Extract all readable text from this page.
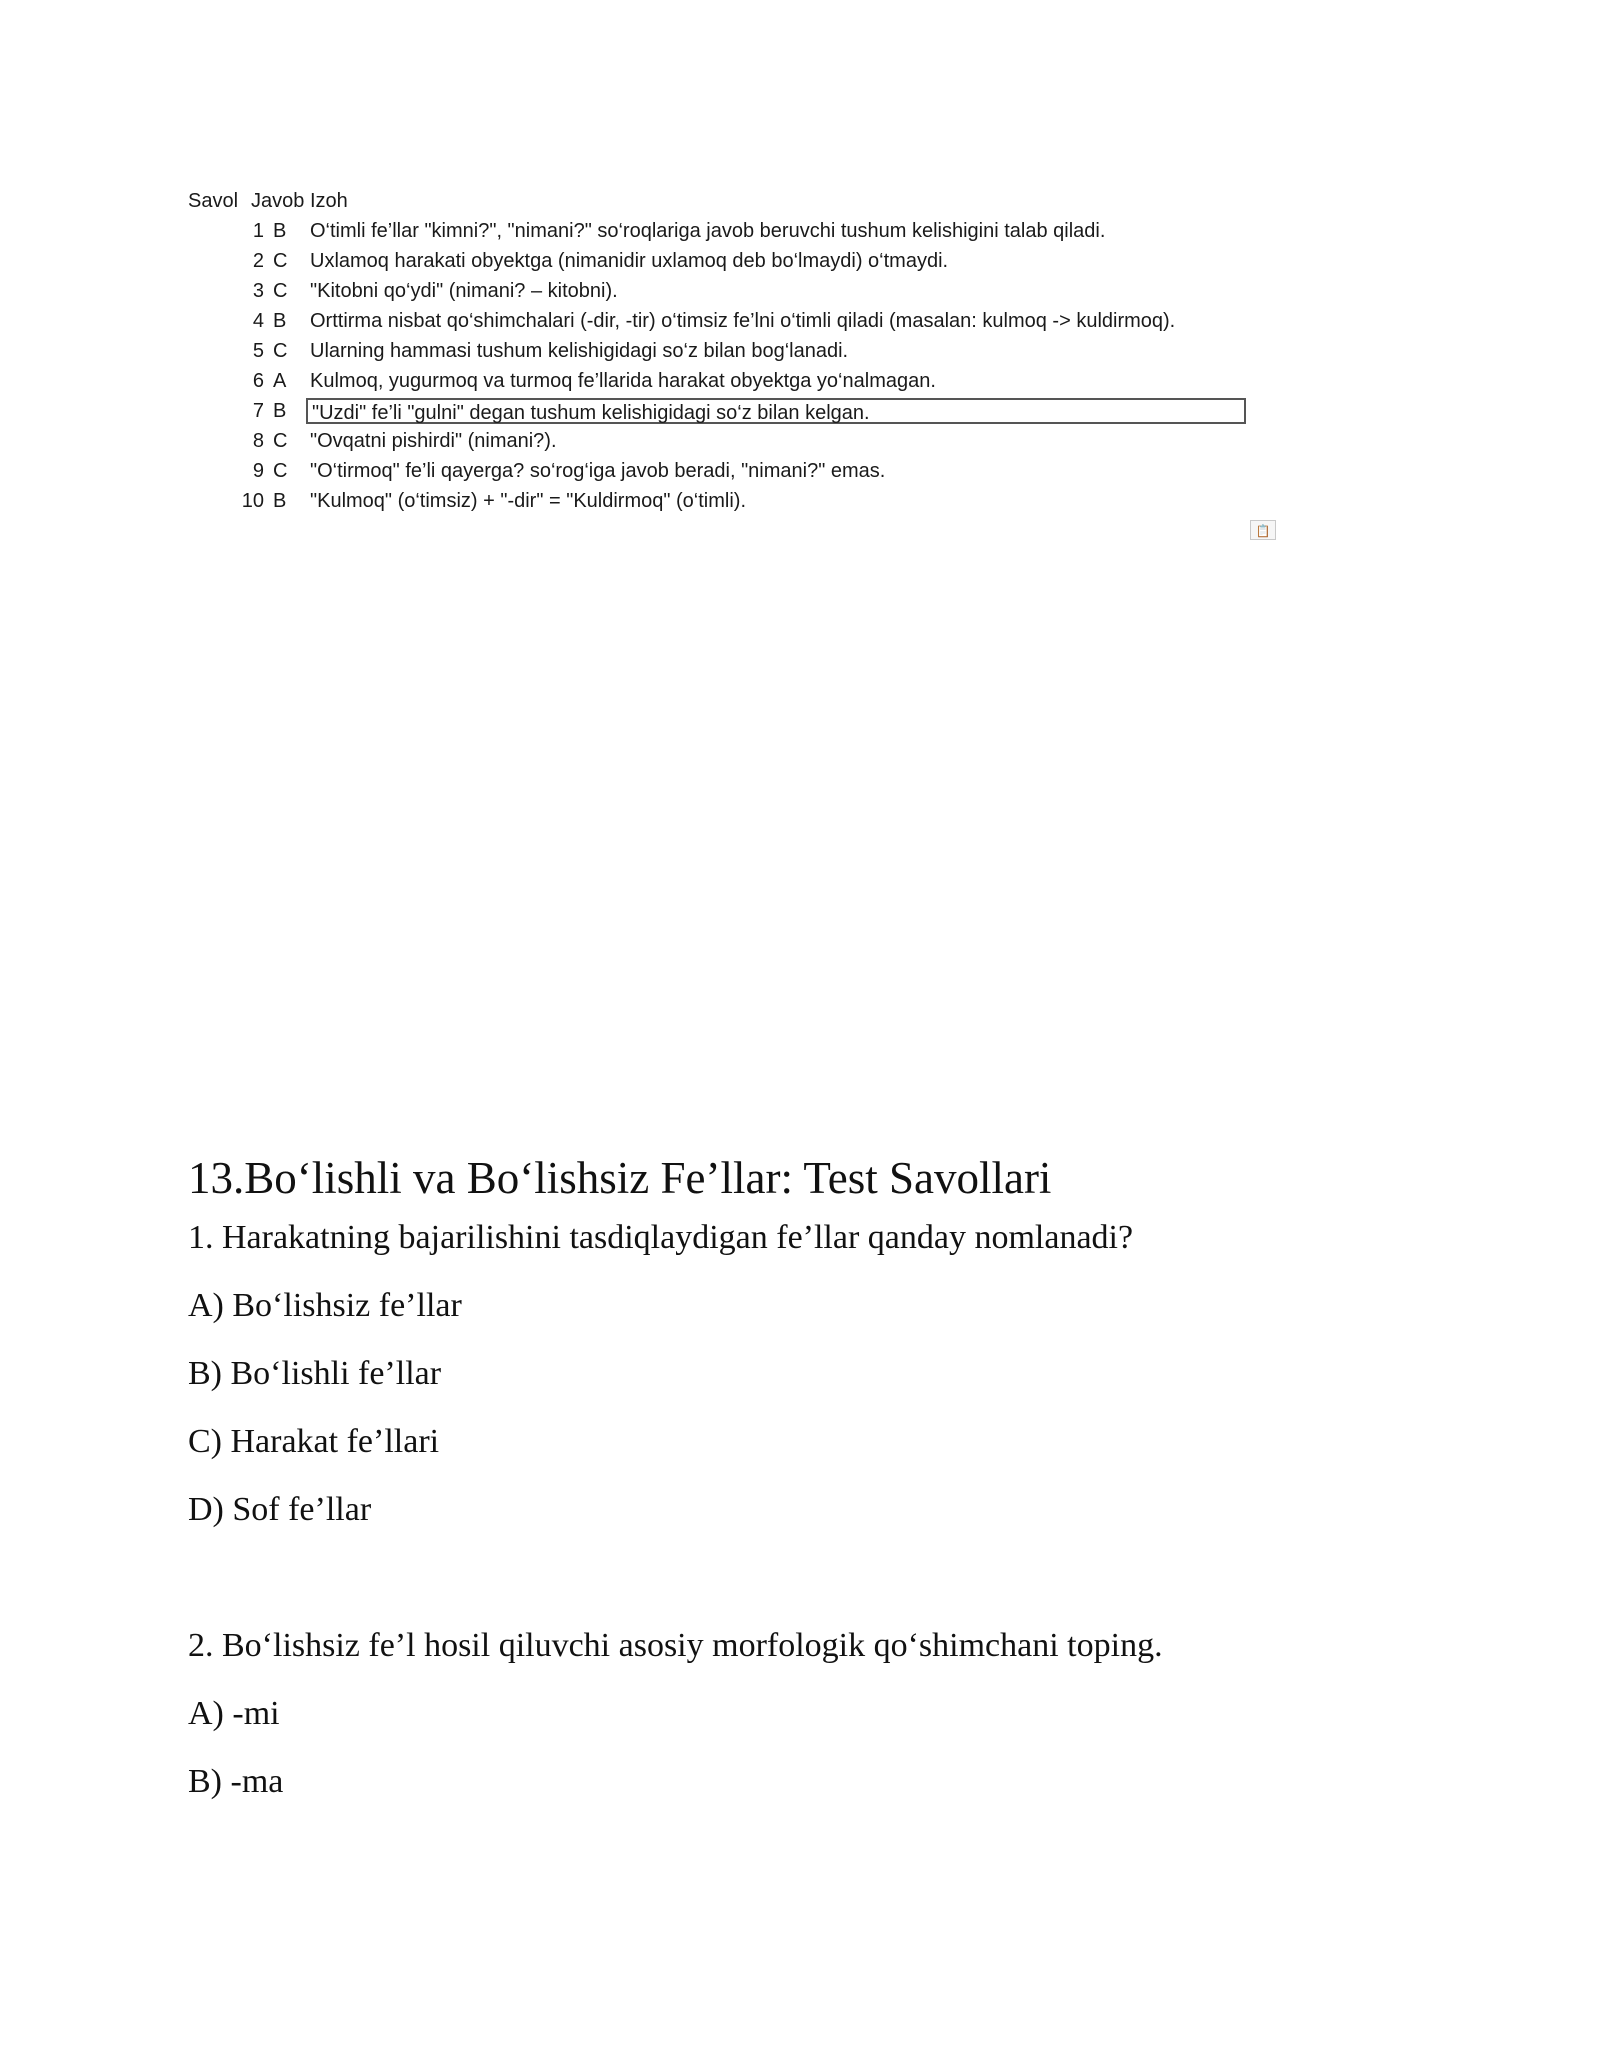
Savol Javob Izoh
1 B O‘timli fe’llar "kimni?", "nimani?" so‘roqlariga javob beruvchi tushum kelishigini talab qiladi.
2 C Uxlamoq harakati obyektga (nimanidir uxlamoq deb bo‘lmaydi) o‘tmaydi.
3 C "Kitobni qo‘ydi" (nimani? – kitobni).
4 B Orttirma nisbat qo‘shimchalari (-dir, -tir) o‘timsiz fe’lni o‘timli qiladi (masalan: kulmoq -> kuldirmoq).
5 C Ularning hammasi tushum kelishigidagi so‘z bilan bog‘lanadi.
6 A Kulmoq, yugurmoq va turmoq fe’llarida harakat obyektga yo‘nalmagan.
7 B	"Uzdi" fe’li "gulni" degan tushum kelishigidagi so‘z bilan kelgan.
8 C "Ovqatni pishirdi" (nimani?).
9 C "O‘tirmoq" fe’li qayerga? so‘rog‘iga javob beradi, "nimani?" emas.
10 B "Kulmoq" (o‘timsiz) + "-dir" = "Kuldirmoq" (o‘timli).
📋
13.Bo‘lishli va Bo‘lishsiz Fe’llar: Test Savollari

1. Harakatning bajarilishini tasdiqlaydigan fe’llar qanday nomlanadi?

A) Bo‘lishsiz fe’llar

B) Bo‘lishli fe’llar

C) Harakat fe’llari

D) Sof fe’llar

2. Bo‘lishsiz fe’l hosil qiluvchi asosiy morfologik qo‘shimchani toping.

A) -mi

B) -ma
